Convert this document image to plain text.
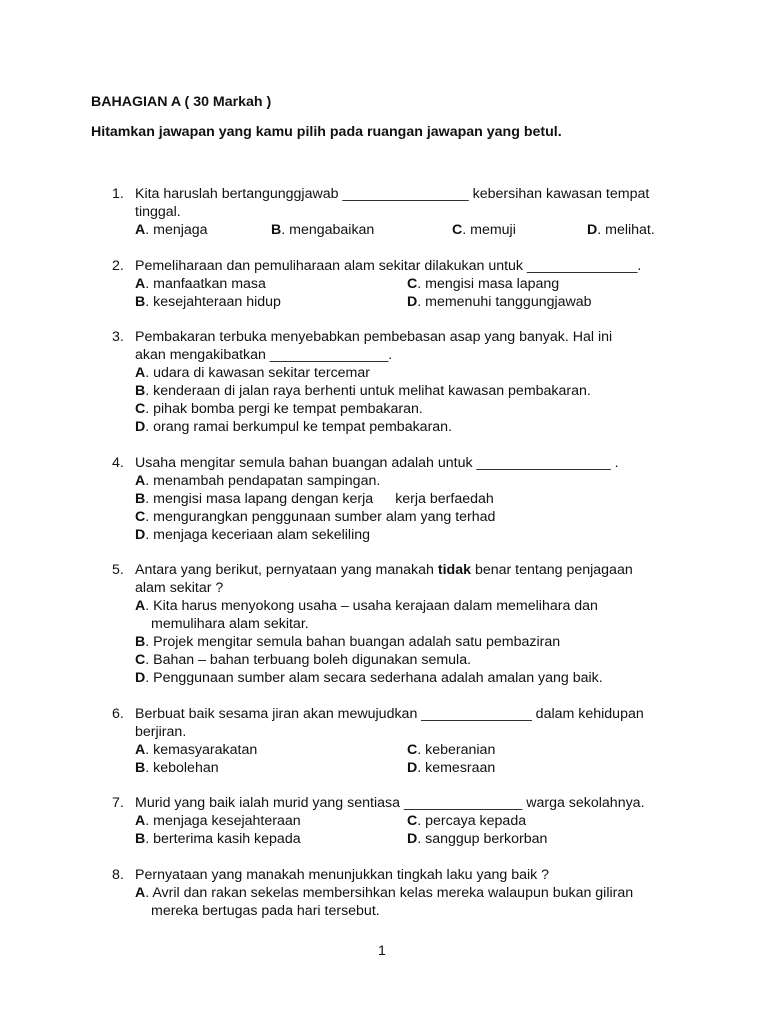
BAHAGIAN A ( 30 Markah )

Hitamkan jawapan yang kamu pilih pada ruangan jawapan yang betul.

1. Kita haruslah bertangunggjawab ________________ kebersihan kawasan tempat tinggal.
A. menjaga	B. mengabaikan	C. memuji	D. melihat.
2. Pemeliharaan dan pemuliharaan alam sekitar dilakukan untuk ______________.
A. manfaatkan masa	C. mengisi masa lapang
B. kesejahteraan hidup	D. memenuhi tanggungjawab
3. Pembakaran terbuka menyebabkan pembebasan asap yang banyak. Hal ini
akan mengakibatkan _______________.
A. udara di kawasan sekitar tercemar
B. kenderaan di jalan raya berhenti untuk melihat kawasan pembakaran.
C. pihak bomba pergi ke tempat pembakaran.
D. orang ramai berkumpul ke tempat pembakaran.
4. Usaha mengitar semula bahan buangan adalah untuk _________________ .
A. menambah pendapatan sampingan.
B. mengisi masa lapang dengan kerja kerja berfaedah
C. mengurangkan penggunaan sumber alam yang terhad
D. menjaga keceriaan alam sekeliling
5. Antara yang berikut, pernyataan yang manakah tidak benar tentang penjagaan
alam sekitar ?
A. Kita harus menyokong usaha – usaha kerajaan dalam memelihara dan
memulihara alam sekitar.
B. Projek mengitar semula bahan buangan adalah satu pembaziran
C. Bahan – bahan terbuang boleh digunakan semula.
D. Penggunaan sumber alam secara sederhana adalah amalan yang baik.
6. Berbuat baik sesama jiran akan mewujudkan ______________ dalam kehidupan
berjiran.
A. kemasyarakatan	C. keberanian
B. kebolehan	D. kemesraan
7. Murid yang baik ialah murid yang sentiasa _______________ warga sekolahnya.
A. menjaga kesejahteraan	C. percaya kepada
B. berterima kasih kepada	D. sanggup berkorban
8. Pernyataan yang manakah menunjukkan tingkah laku yang baik ?
A. Avril dan rakan sekelas membersihkan kelas mereka walaupun bukan giliran
mereka bertugas pada hari tersebut.
1
